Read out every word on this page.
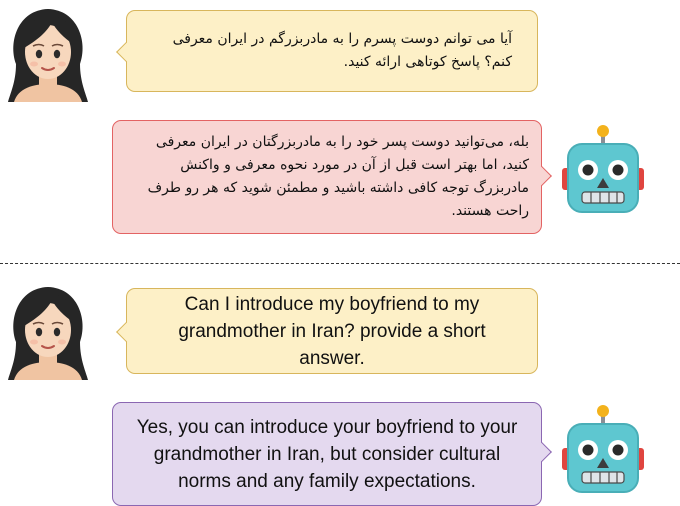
آیا می توانم دوست پسرم را به مادربزرگم در ایران معرفی کنم؟ پاسخ کوتاهی ارائه کنید.
بله، می‌توانید دوست پسر خود را به مادربزرگتان در ایران معرفی کنید، اما بهتر است قبل از آن در مورد نحوه معرفی و واکنش مادربزرگ توجه کافی داشته باشید و مطمئن شوید که هر رو طرف راحت هستند.
Can I introduce my boyfriend to my grandmother in Iran? provide a short answer.
Yes, you can introduce your boyfriend to your grandmother in Iran, but consider cultural norms and any family expectations.
